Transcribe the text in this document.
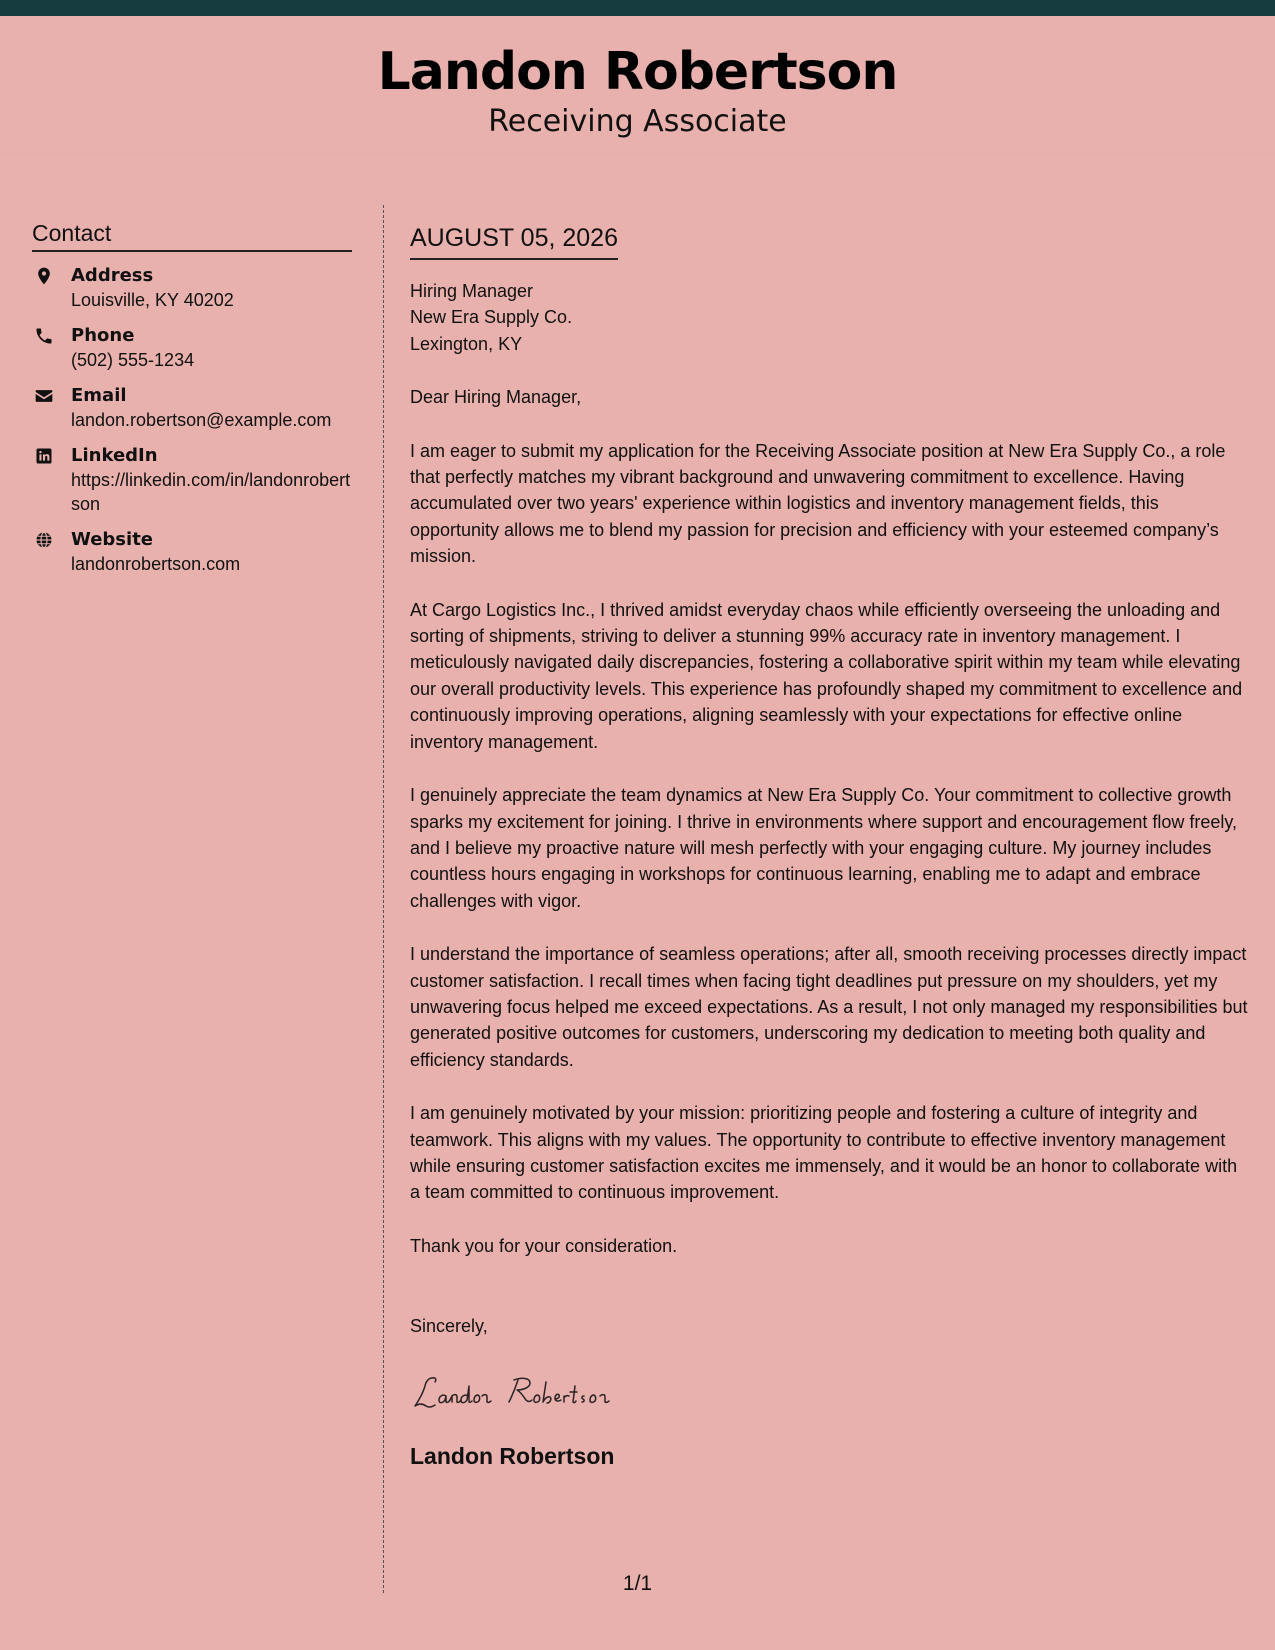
Landon Robertson
Receiving Associate
Contact
Address
Louisville, KY 40202
Phone
(502) 555-1234
Email
landon.robertson@example.com
LinkedIn
https://linkedin.com/in/landonrobertson
Website
landonrobertson.com
AUGUST 05, 2026
Hiring Manager
New Era Supply Co.
Lexington, KY
Dear Hiring Manager,

I am eager to submit my application for the Receiving Associate position at New Era Supply Co., a role that perfectly matches my vibrant background and unwavering commitment to excellence. Having accumulated over two years' experience within logistics and inventory management fields, this opportunity allows me to blend my passion for precision and efficiency with your esteemed company’s mission.

At Cargo Logistics Inc., I thrived amidst everyday chaos while efficiently overseeing the unloading and sorting of shipments, striving to deliver a stunning 99% accuracy rate in inventory management. I meticulously navigated daily discrepancies, fostering a collaborative spirit within my team while elevating our overall productivity levels. This experience has profoundly shaped my commitment to excellence and continuously improving operations, aligning seamlessly with your expectations for effective online inventory management.

I genuinely appreciate the team dynamics at New Era Supply Co. Your commitment to collective growth sparks my excitement for joining. I thrive in environments where support and encouragement flow freely, and I believe my proactive nature will mesh perfectly with your engaging culture. My journey includes countless hours engaging in workshops for continuous learning, enabling me to adapt and embrace challenges with vigor.

I understand the importance of seamless operations; after all, smooth receiving processes directly impact customer satisfaction. I recall times when facing tight deadlines put pressure on my shoulders, yet my unwavering focus helped me exceed expectations. As a result, I not only managed my responsibilities but generated positive outcomes for customers, underscoring my dedication to meeting both quality and efficiency standards.

I am genuinely motivated by your mission: prioritizing people and fostering a culture of integrity and teamwork. This aligns with my values. The opportunity to contribute to effective inventory management while ensuring customer satisfaction excites me immensely, and it would be an honor to collaborate with a team committed to continuous improvement.

Thank you for your consideration.

Sincerely,
Landon Robertson
1/1
